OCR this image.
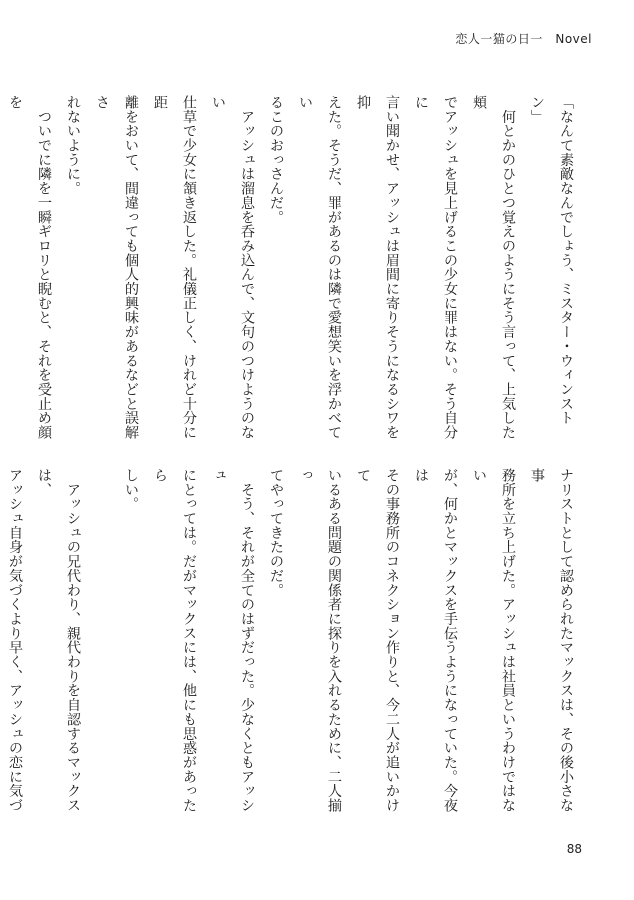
恋人一猫の日一　Novel

「なんて素敵なんでしょう、ミスター・ウィンストン」

　何とかのひとつ覚えのようにそう言って、上気した頬

でアッシュを見上げるこの少女に罪はない。そう自分に

言い聞かせ、アッシュは眉間に寄りそうになるシワを抑

えた。そうだ、罪があるのは隣で愛想笑いを浮かべてい

るこのおっさんだ。

　アッシュは溜息を呑み込んで、文句のつけようのない

仕草で少女に頷き返した。礼儀正しく、けれど十分に距

離をおいて、間違っても個人的興味があるなどと誤解さ

れないように。

　ついでに隣を一瞬ギロリと睨むと、それを受止め顔を

ナリストとして認められたマックスは、その後小さな事

務所を立ち上げた。アッシュは社員というわけではない

が、何かとマックスを手伝うようになっていた。今夜は

その事務所のコネクション作りと、今二人が追いかけて

いるある問題の関係者に探りを入れるために、二人揃っ

てやってきたのだ。

　そう、それが全てのはずだった。少なくともアッシュ

にとっては。だがマックスには、他にも思惑があったら

しい。

　アッシュの兄代わり、親代わりを自認するマックスは、

アッシュ自身が気づくより早く、アッシュの恋に気づ

88
